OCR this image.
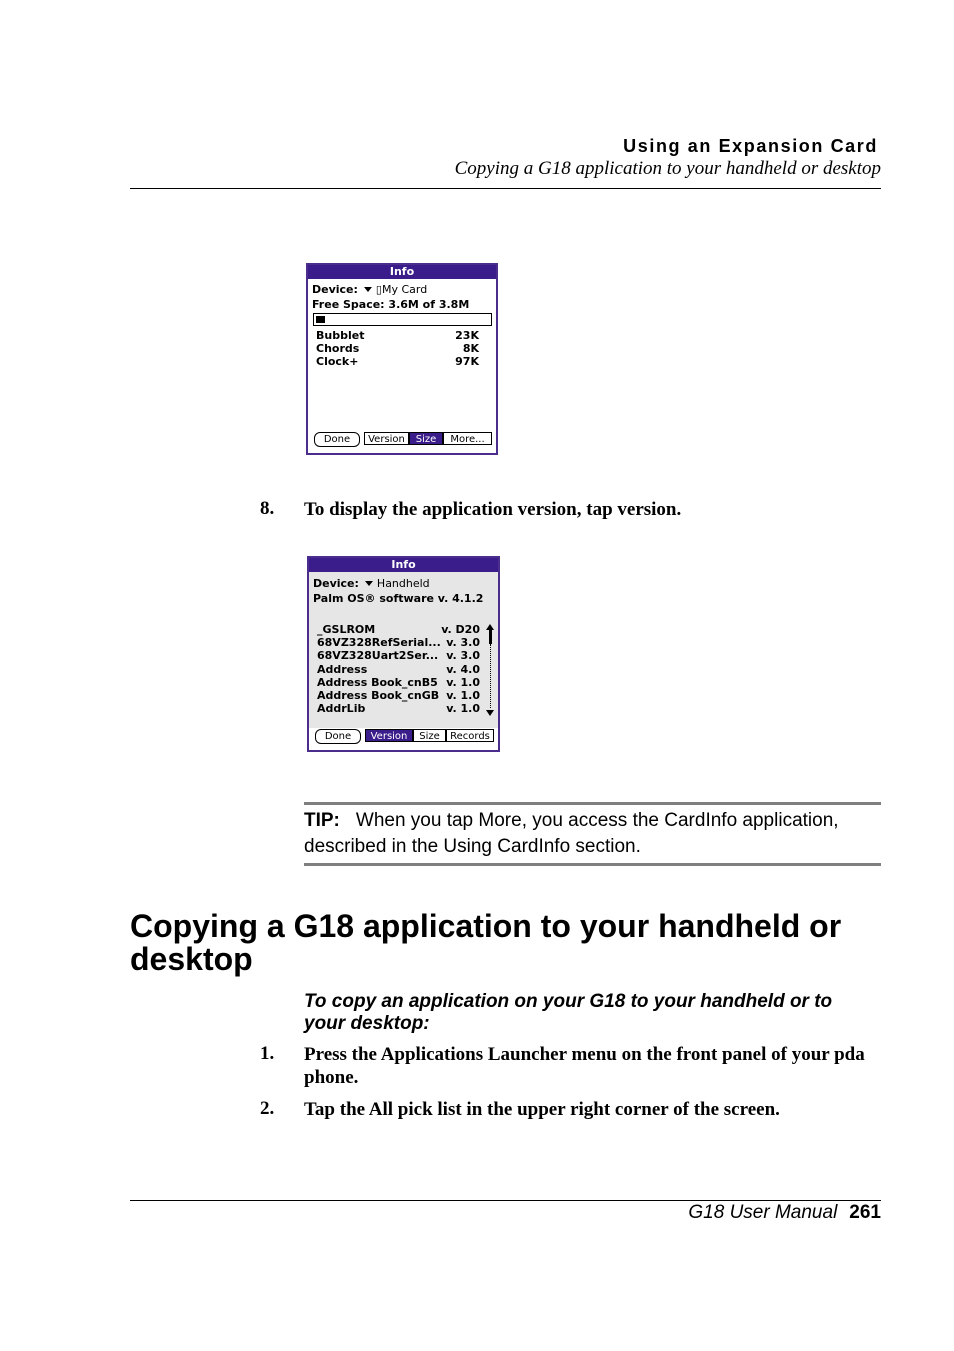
Using an Expansion Card
Copying a G18 application to your handheld or desktop
Info
Device: ▯My Card
Free Space: 3.6M of 3.8M
Bubblet	23K
Chords	8K
Clock+	97K
Done	Version	Size	More...
8. To display the application version, tap version.
Info
Device: Handheld
Palm OS® software v. 4.1.2
_GSLROM	v. D20
68VZ328RefSerial... v. 3.0
68VZ328Uart2Ser... v. 3.0
Address	v. 4.0
Address Book_cnB5 v. 1.0
Address Book_cnGB v. 1.0
AddrLib	v. 1.0
Done	Version	Size	Records
TIP: When you tap More, you access the CardInfo application, described in the Using CardInfo section.
Copying a G18 application to your handheld or desktop
To copy an application on your G18 to your handheld or to your desktop:
1. Press the Applications Launcher menu on the front panel of your pda phone.
2. Tap the All pick list in the upper right corner of the screen.
G18 User Manual 261
